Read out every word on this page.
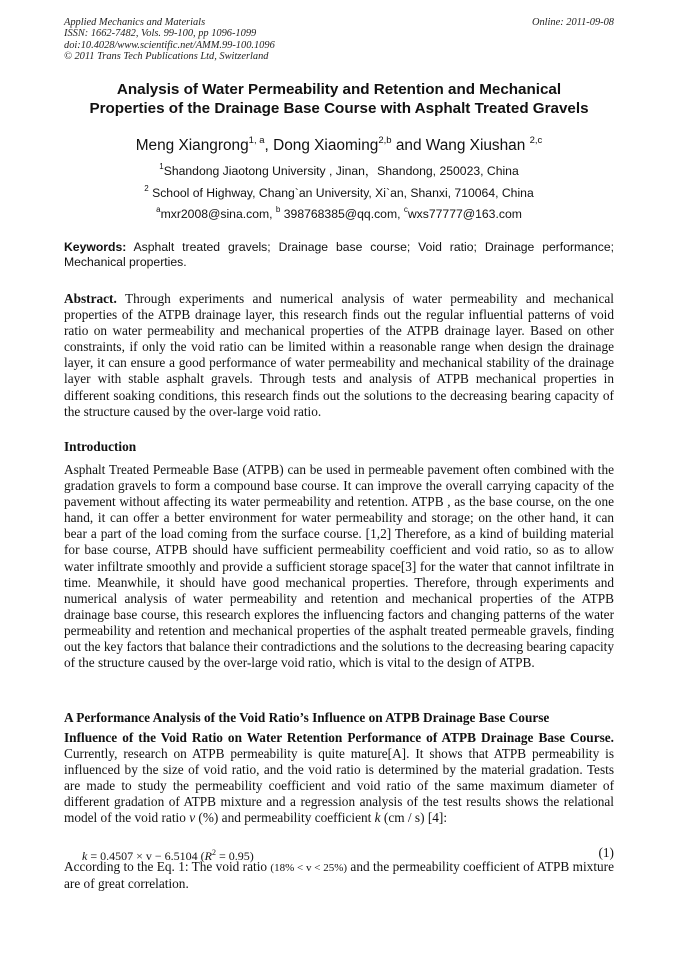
Applied Mechanics and Materials
ISSN: 1662-7482, Vols. 99-100, pp 1096-1099
doi:10.4028/www.scientific.net/AMM.99-100.1096
© 2011 Trans Tech Publications Ltd, Switzerland
Online: 2011-09-08
Analysis of Water Permeability and Retention and Mechanical
Properties of the Drainage Base Course with Asphalt Treated Gravels
Meng Xiangrong$^{1, a}$, Dong Xiaoming$^{2,b}$ and Wang Xiushan $^{2,c}$
$^1$Shandong Jiaotong University , Jinan，Shandong, 250023, China
$^2$ School of Highway, Chang`an University, Xi`an, Shanxi, 710064, China
$^a$mxr2008@sina.com, $^b$ 398768385@qq.com, $^c$wxs77777@163.com
Keywords: Asphalt treated gravels; Drainage base course; Void ratio; Drainage performance; Mechanical properties.
Abstract. Through experiments and numerical analysis of water permeability and mechanical properties of the ATPB drainage layer, this research finds out the regular influential patterns of void ratio on water permeability and mechanical properties of the ATPB drainage layer. Based on other constraints, if only the void ratio can be limited within a reasonable range when design the drainage layer, it can ensure a good performance of water permeability and mechanical stability of the drainage layer with stable asphalt gravels. Through tests and analysis of ATPB mechanical properties in different soaking conditions, this research finds out the solutions to the decreasing bearing capacity of the structure caused by the over-large void ratio.
Introduction
Asphalt Treated Permeable Base (ATPB) can be used in permeable pavement often combined with the gradation gravels to form a compound base course. It can improve the overall carrying capacity of the pavement without affecting its water permeability and retention. ATPB , as the base course, on the one hand, it can offer a better environment for water permeability and storage; on the other hand, it can bear a part of the load coming from the surface course. [1,2] Therefore, as a kind of building material for base course, ATPB should have sufficient permeability coefficient and void ratio, so as to allow water infiltrate smoothly and provide a sufficient storage space[3] for the water that cannot infiltrate in time. Meanwhile, it should have good mechanical properties. Therefore, through experiments and numerical analysis of water permeability and retention and mechanical properties of the ATPB drainage base course, this research explores the influencing factors and changing patterns of the water permeability and retention and mechanical properties of the asphalt treated permeable gravels, finding out the key factors that balance their contradictions and the solutions to the decreasing bearing capacity of the structure caused by the over-large void ratio, which is vital to the design of ATPB.
A Performance Analysis of the Void Ratio’s Influence on ATPB Drainage Base Course
Influence of the Void Ratio on Water Retention Performance of ATPB Drainage Base Course. Currently, research on ATPB permeability is quite mature[A]. It shows that ATPB permeability is influenced by the size of void ratio, and the void ratio is determined by the material gradation. Tests are made to study the permeability coefficient and void ratio of the same maximum diameter of different gradation of ATPB mixture and a regression analysis of the test results shows the relational model of the void ratio v (%) and permeability coefficient k (cm / s) [4]:
k = 0.4507 × v − 6.5104 $(R^2 = 0.95)$	(1)
According to the Eq. 1: The void ratio (18% < v < 25%) and the permeability coefficient of ATPB mixture are of great correlation.
